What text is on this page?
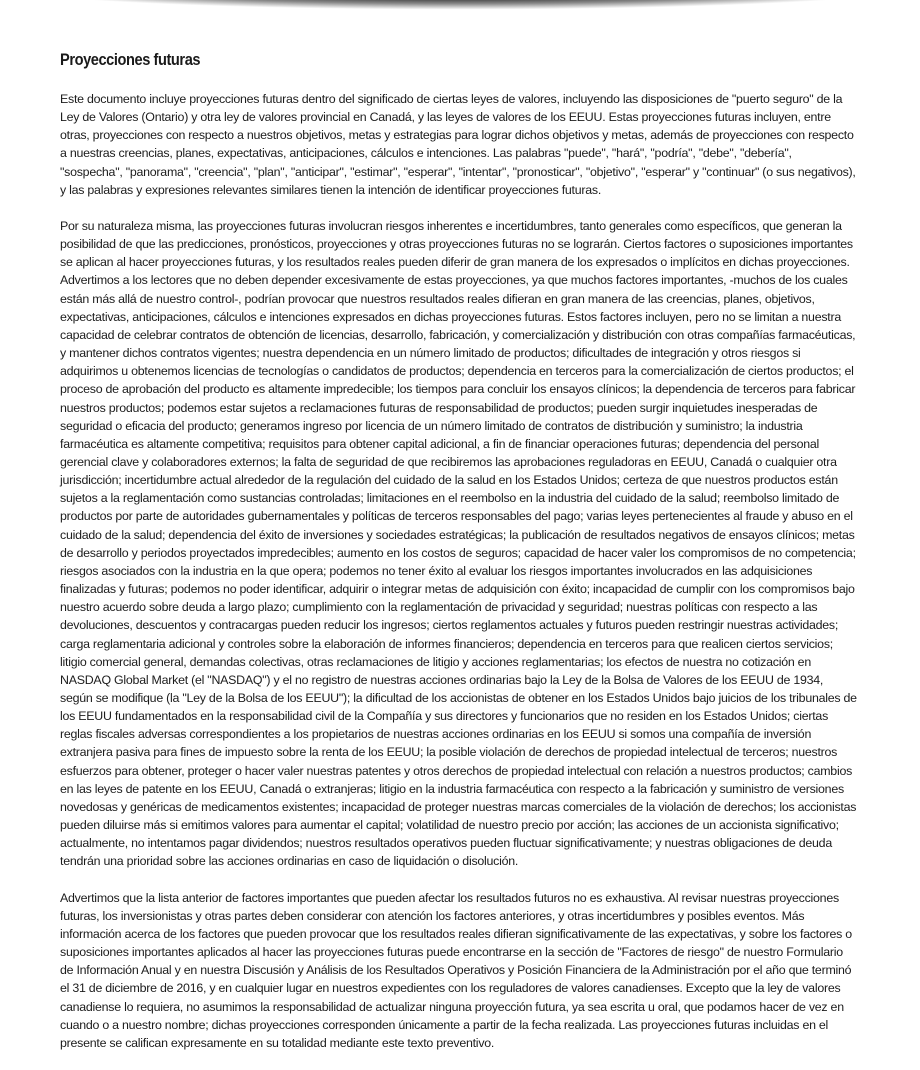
Proyecciones futuras

Este documento incluye proyecciones futuras dentro del significado de ciertas leyes de valores, incluyendo las disposiciones de "puerto seguro" de la Ley de Valores (Ontario) y otra ley de valores provincial en Canadá, y las leyes de valores de los EEUU. Estas proyecciones futuras incluyen, entre otras, proyecciones con respecto a nuestros objetivos, metas y estrategias para lograr dichos objetivos y metas, además de proyecciones con respecto a nuestras creencias, planes, expectativas, anticipaciones, cálculos e intenciones. Las palabras "puede", "hará", "podría", "debe", "debería", "sospecha", "panorama", "creencia", "plan", "anticipar", "estimar", "esperar", "intentar", "pronosticar", "objetivo", "esperar" y "continuar" (o sus negativos), y las palabras y expresiones relevantes similares tienen la intención de identificar proyecciones futuras.

Por su naturaleza misma, las proyecciones futuras involucran riesgos inherentes e incertidumbres, tanto generales como específicos, que generan la posibilidad de que las predicciones, pronósticos, proyecciones y otras proyecciones futuras no se lograrán. Ciertos factores o suposiciones importantes se aplican al hacer proyecciones futuras, y los resultados reales pueden diferir de gran manera de los expresados o implícitos en dichas proyecciones. Advertimos a los lectores que no deben depender excesivamente de estas proyecciones, ya que muchos factores importantes, -muchos de los cuales están más allá de nuestro control-, podrían provocar que nuestros resultados reales difieran en gran manera de las creencias, planes, objetivos, expectativas, anticipaciones, cálculos e intenciones expresados en dichas proyecciones futuras. Estos factores incluyen, pero no se limitan a nuestra capacidad de celebrar contratos de obtención de licencias, desarrollo, fabricación, y comercialización y distribución con otras compañías farmacéuticas, y mantener dichos contratos vigentes; nuestra dependencia en un número limitado de productos; dificultades de integración y otros riesgos si adquirimos u obtenemos licencias de tecnologías o candidatos de productos; dependencia en terceros para la comercialización de ciertos productos; el proceso de aprobación del producto es altamente impredecible; los tiempos para concluir los ensayos clínicos; la dependencia de terceros para fabricar nuestros productos; podemos estar sujetos a reclamaciones futuras de responsabilidad de productos; pueden surgir inquietudes inesperadas de seguridad o eficacia del producto; generamos ingreso por licencia de un número limitado de contratos de distribución y suministro; la industria farmacéutica es altamente competitiva; requisitos para obtener capital adicional, a fin de financiar operaciones futuras; dependencia del personal gerencial clave y colaboradores externos; la falta de seguridad de que recibiremos las aprobaciones reguladoras en EEUU, Canadá o cualquier otra jurisdicción; incertidumbre actual alrededor de la regulación del cuidado de la salud en los Estados Unidos; certeza de que nuestros productos están sujetos a la reglamentación como sustancias controladas; limitaciones en el reembolso en la industria del cuidado de la salud; reembolso limitado de productos por parte de autoridades gubernamentales y políticas de terceros responsables del pago; varias leyes pertenecientes al fraude y abuso en el cuidado de la salud; dependencia del éxito de inversiones y sociedades estratégicas; la publicación de resultados negativos de ensayos clínicos; metas de desarrollo y periodos proyectados impredecibles; aumento en los costos de seguros; capacidad de hacer valer los compromisos de no competencia; riesgos asociados con la industria en la que opera; podemos no tener éxito al evaluar los riesgos importantes involucrados en las adquisiciones finalizadas y futuras; podemos no poder identificar, adquirir o integrar metas de adquisición con éxito; incapacidad de cumplir con los compromisos bajo nuestro acuerdo sobre deuda a largo plazo; cumplimiento con la reglamentación de privacidad y seguridad; nuestras políticas con respecto a las devoluciones, descuentos y contracargas pueden reducir los ingresos; ciertos reglamentos actuales y futuros pueden restringir nuestras actividades; carga reglamentaria adicional y controles sobre la elaboración de informes financieros; dependencia en terceros para que realicen ciertos servicios; litigio comercial general, demandas colectivas, otras reclamaciones de litigio y acciones reglamentarias; los efectos de nuestra no cotización en NASDAQ Global Market (el "NASDAQ") y el no registro de nuestras acciones ordinarias bajo la Ley de la Bolsa de Valores de los EEUU de 1934, según se modifique (la "Ley de la Bolsa de los EEUU"); la dificultad de los accionistas de obtener en los Estados Unidos bajo juicios de los tribunales de los EEUU fundamentados en la responsabilidad civil de la Compañía y sus directores y funcionarios que no residen en los Estados Unidos; ciertas reglas fiscales adversas correspondientes a los propietarios de nuestras acciones ordinarias en los EEUU si somos una compañía de inversión extranjera pasiva para fines de impuesto sobre la renta de los EEUU; la posible violación de derechos de propiedad intelectual de terceros; nuestros esfuerzos para obtener, proteger o hacer valer nuestras patentes y otros derechos de propiedad intelectual con relación a nuestros productos; cambios en las leyes de patente en los EEUU, Canadá o extranjeras; litigio en la industria farmacéutica con respecto a la fabricación y suministro de versiones novedosas y genéricas de medicamentos existentes; incapacidad de proteger nuestras marcas comerciales de la violación de derechos; los accionistas pueden diluirse más si emitimos valores para aumentar el capital; volatilidad de nuestro precio por acción; las acciones de un accionista significativo; actualmente, no intentamos pagar dividendos; nuestros resultados operativos pueden fluctuar significativamente; y nuestras obligaciones de deuda tendrán una prioridad sobre las acciones ordinarias en caso de liquidación o disolución.

Advertimos que la lista anterior de factores importantes que pueden afectar los resultados futuros no es exhaustiva. Al revisar nuestras proyecciones futuras, los inversionistas y otras partes deben considerar con atención los factores anteriores, y otras incertidumbres y posibles eventos. Más información acerca de los factores que pueden provocar que los resultados reales difieran significativamente de las expectativas, y sobre los factores o suposiciones importantes aplicados al hacer las proyecciones futuras puede encontrarse en la sección de "Factores de riesgo" de nuestro Formulario de Información Anual y en nuestra Discusión y Análisis de los Resultados Operativos y Posición Financiera de la Administración por el año que terminó el 31 de diciembre de 2016, y en cualquier lugar en nuestros expedientes con los reguladores de valores canadienses. Excepto que la ley de valores canadiense lo requiera, no asumimos la responsabilidad de actualizar ninguna proyección futura, ya sea escrita u oral, que podamos hacer de vez en cuando o a nuestro nombre; dichas proyecciones corresponden únicamente a partir de la fecha realizada. Las proyecciones futuras incluidas en el presente se califican expresamente en su totalidad mediante este texto preventivo.
